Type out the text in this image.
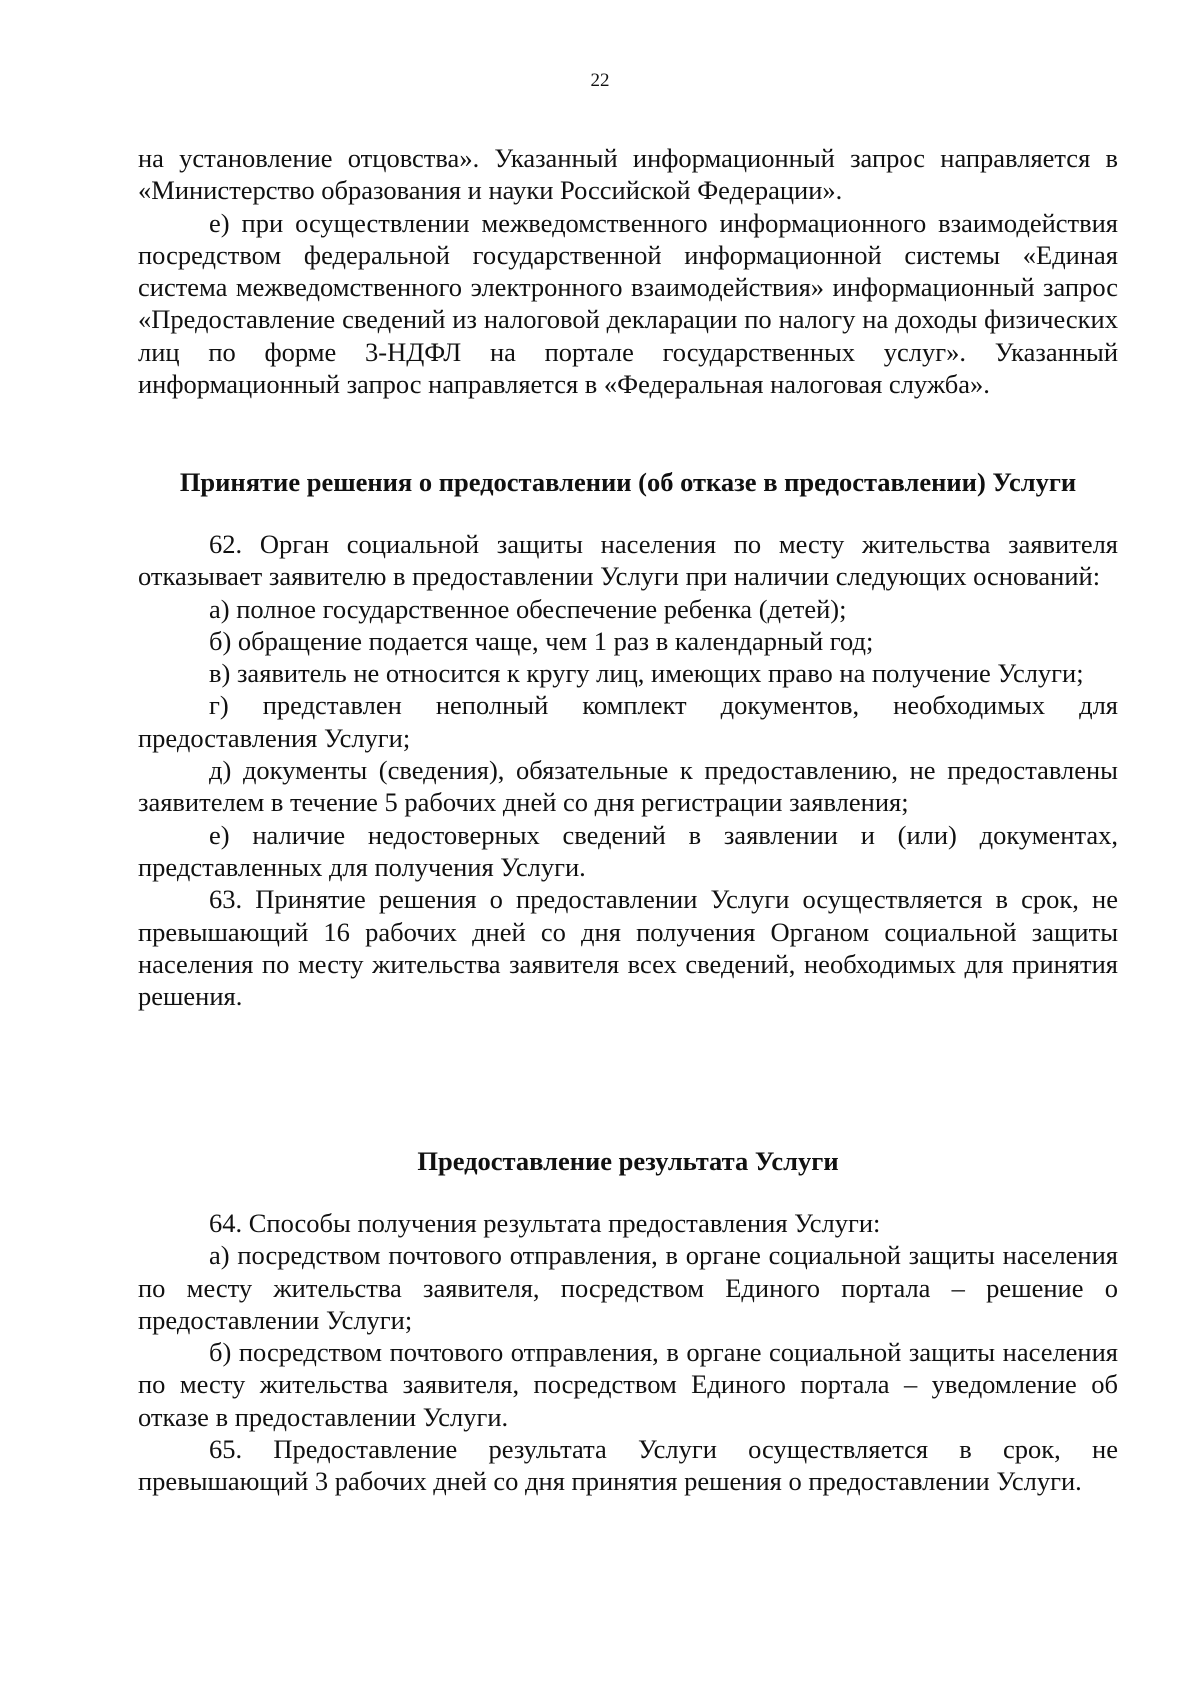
22

на установление отцовства». Указанный информационный запрос направляется в «Министерство образования и науки Российской Федерации».

е) при осуществлении межведомственного информационного взаимодействия посредством федеральной государственной информационной системы «Единая система межведомственного электронного взаимодействия» информационный запрос «Предоставление сведений из налоговой декларации по налогу на доходы физических лиц по форме 3-НДФЛ на портале государственных услуг». Указанный информационный запрос направляется в «Федеральная налоговая служба».

Принятие решения о предоставлении (об отказе в предоставлении) Услуги

62. Орган социальной защиты населения по месту жительства заявителя отказывает заявителю в предоставлении Услуги при наличии следующих оснований:

а) полное государственное обеспечение ребенка (детей);

б) обращение подается чаще, чем 1 раз в календарный год;

в) заявитель не относится к кругу лиц, имеющих право на получение Услуги;

г) представлен неполный комплект документов, необходимых для предоставления Услуги;

д) документы (сведения), обязательные к предоставлению, не предоставлены заявителем в течение 5 рабочих дней со дня регистрации заявления;

е) наличие недостоверных сведений в заявлении и (или) документах, представленных для получения Услуги.

63. Принятие решения о предоставлении Услуги осуществляется в срок, не превышающий 16 рабочих дней со дня получения Органом социальной защиты населения по месту жительства заявителя всех сведений, необходимых для принятия решения.

Предоставление результата Услуги

64. Способы получения результата предоставления Услуги:

а) посредством почтового отправления, в органе социальной защиты населения по месту жительства заявителя, посредством Единого портала – решение о предоставлении Услуги;

б) посредством почтового отправления, в органе социальной защиты населения по месту жительства заявителя, посредством Единого портала – уведомление об отказе в предоставлении Услуги.

65. Предоставление результата Услуги осуществляется в срок, не превышающий 3 рабочих дней со дня принятия решения о предоставлении Услуги.
